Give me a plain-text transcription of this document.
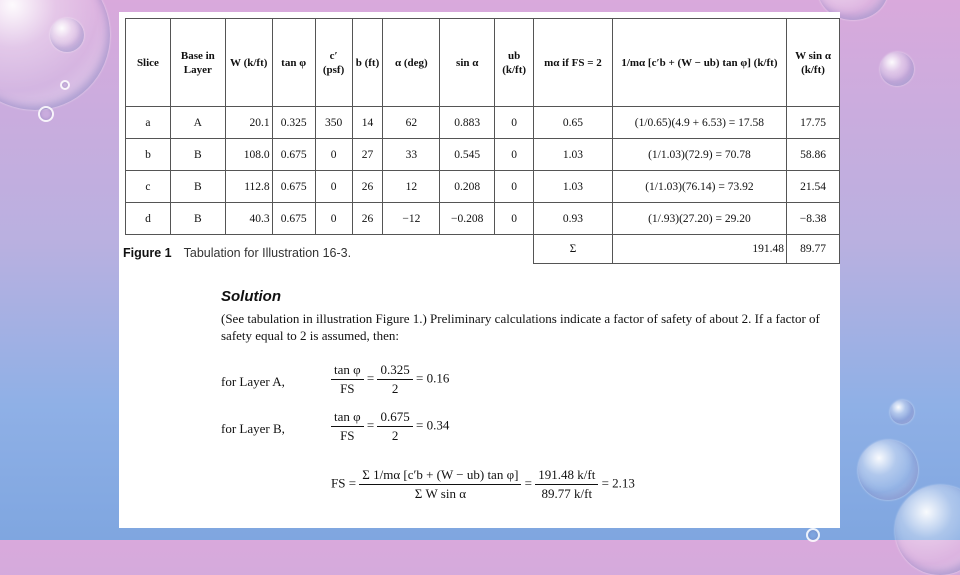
Slice	Base in Layer	W (k/ft)	tan φ	c′ (psf)	b (ft)	α (deg)	sin α	ub (k/ft)	mα if FS = 2	1/mα [c′b + (W − ub) tan φ] (k/ft)	W sin α (k/ft)
a	A	20.1	0.325	350	14	62	0.883	0	0.65	(1/0.65)(4.9 + 6.53) = 17.58	17.75
b	B	108.0	0.675	0	27	33	0.545	0	1.03	(1/1.03)(72.9) = 70.78	58.86
c	B	112.8	0.675	0	26	12	0.208	0	1.03	(1/1.03)(76.14) = 73.92	21.54
d	B	40.3	0.675	0	26	−12	−0.208	0	0.93	(1/.93)(27.20) = 29.20	−8.38
									Σ	191.48	89.77
Figure 1 Tabulation for Illustration 16-3.
Solution
(See tabulation in illustration Figure 1.) Preliminary calculations indicate a factor of safety of about 2. If a factor of safety equal to 2 is assumed, then:
for Layer A,	$\frac{\text{tan φ}}{FS} = \frac{0.325}{2} = 0.16$
for Layer B,	$\frac{\text{tan φ}}{FS} = \frac{0.675}{2} = 0.34$
FS = $\frac{\text{Σ 1/mα [c′b + (W − ub) tan φ]}}{\text{Σ W sin α}} = \frac{191.48 k/ft}{89.77 k/ft} = 2.13$
